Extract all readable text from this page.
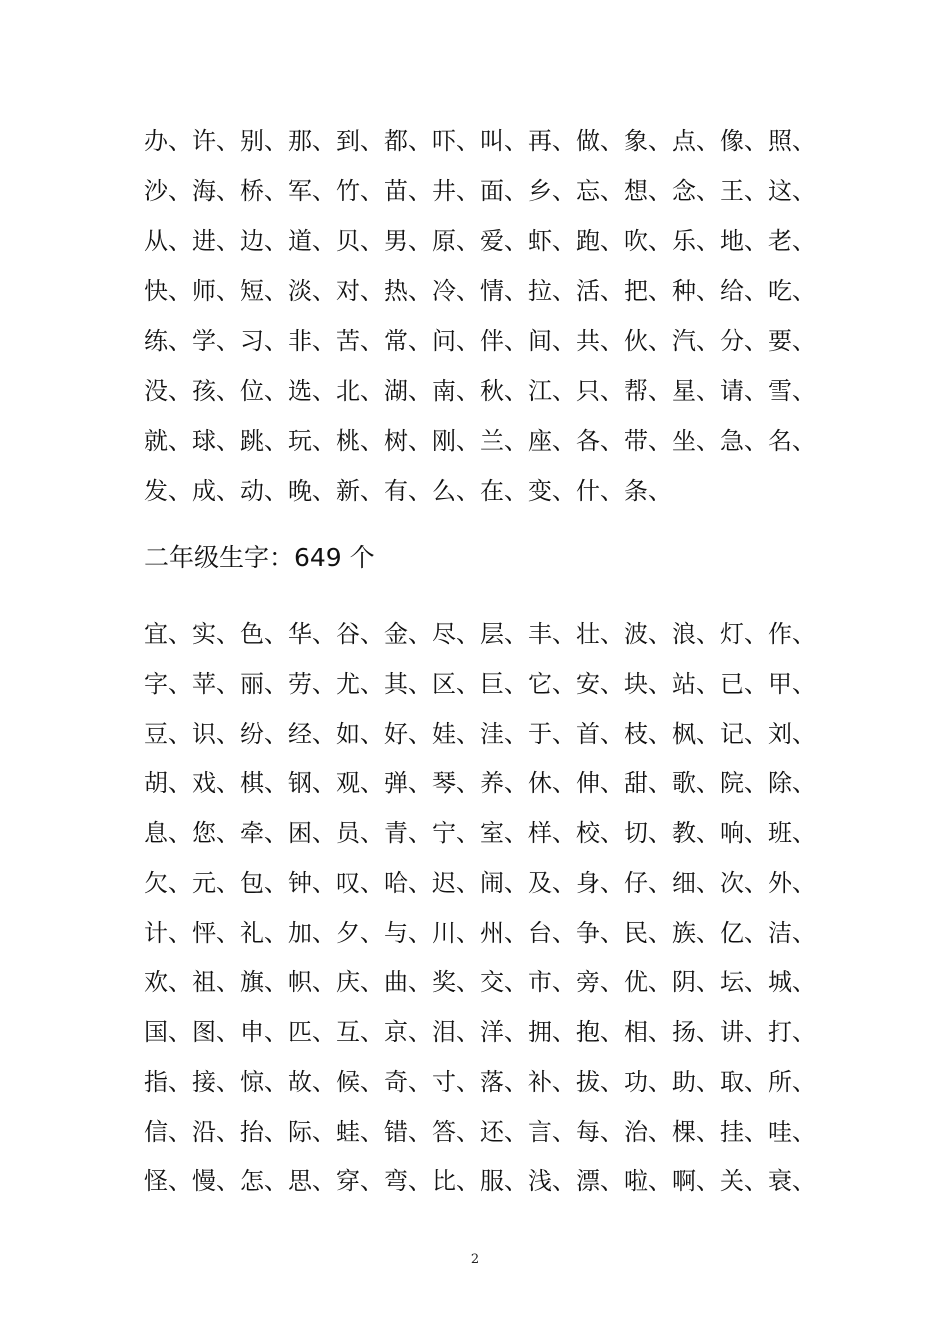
办、许、别、那、到、都、吓、叫、再、做、象、点、像、照、

沙、海、桥、军、竹、苗、井、面、乡、忘、想、念、王、这、

从、进、边、道、贝、男、原、爱、虾、跑、吹、乐、地、老、

快、师、短、淡、对、热、冷、情、拉、活、把、种、给、吃、

练、学、习、非、苦、常、问、伴、间、共、伙、汽、分、要、

没、孩、位、选、北、湖、南、秋、江、只、帮、星、请、雪、

就、球、跳、玩、桃、树、刚、兰、座、各、带、坐、急、名、

发、成、动、晚、新、有、么、在、变、什、条、

二年级生字：649 个

宜、实、色、华、谷、金、尽、层、丰、壮、波、浪、灯、作、

字、苹、丽、劳、尤、其、区、巨、它、安、块、站、已、甲、

豆、识、纷、经、如、好、娃、洼、于、首、枝、枫、记、刘、

胡、戏、棋、钢、观、弹、琴、养、休、伸、甜、歌、院、除、

息、您、牵、困、员、青、宁、室、样、校、切、教、响、班、

欠、元、包、钟、叹、哈、迟、闹、及、身、仔、细、次、外、

计、怦、礼、加、夕、与、川、州、台、争、民、族、亿、洁、

欢、祖、旗、帜、庆、曲、奖、交、市、旁、优、阴、坛、城、

国、图、申、匹、互、京、泪、洋、拥、抱、相、扬、讲、打、

指、接、惊、故、候、奇、寸、落、补、拔、功、助、取、所、

信、沿、抬、际、蛙、错、答、还、言、每、治、棵、挂、哇、

怪、慢、怎、思、穿、弯、比、服、浅、漂、啦、啊、关、衰、

2
